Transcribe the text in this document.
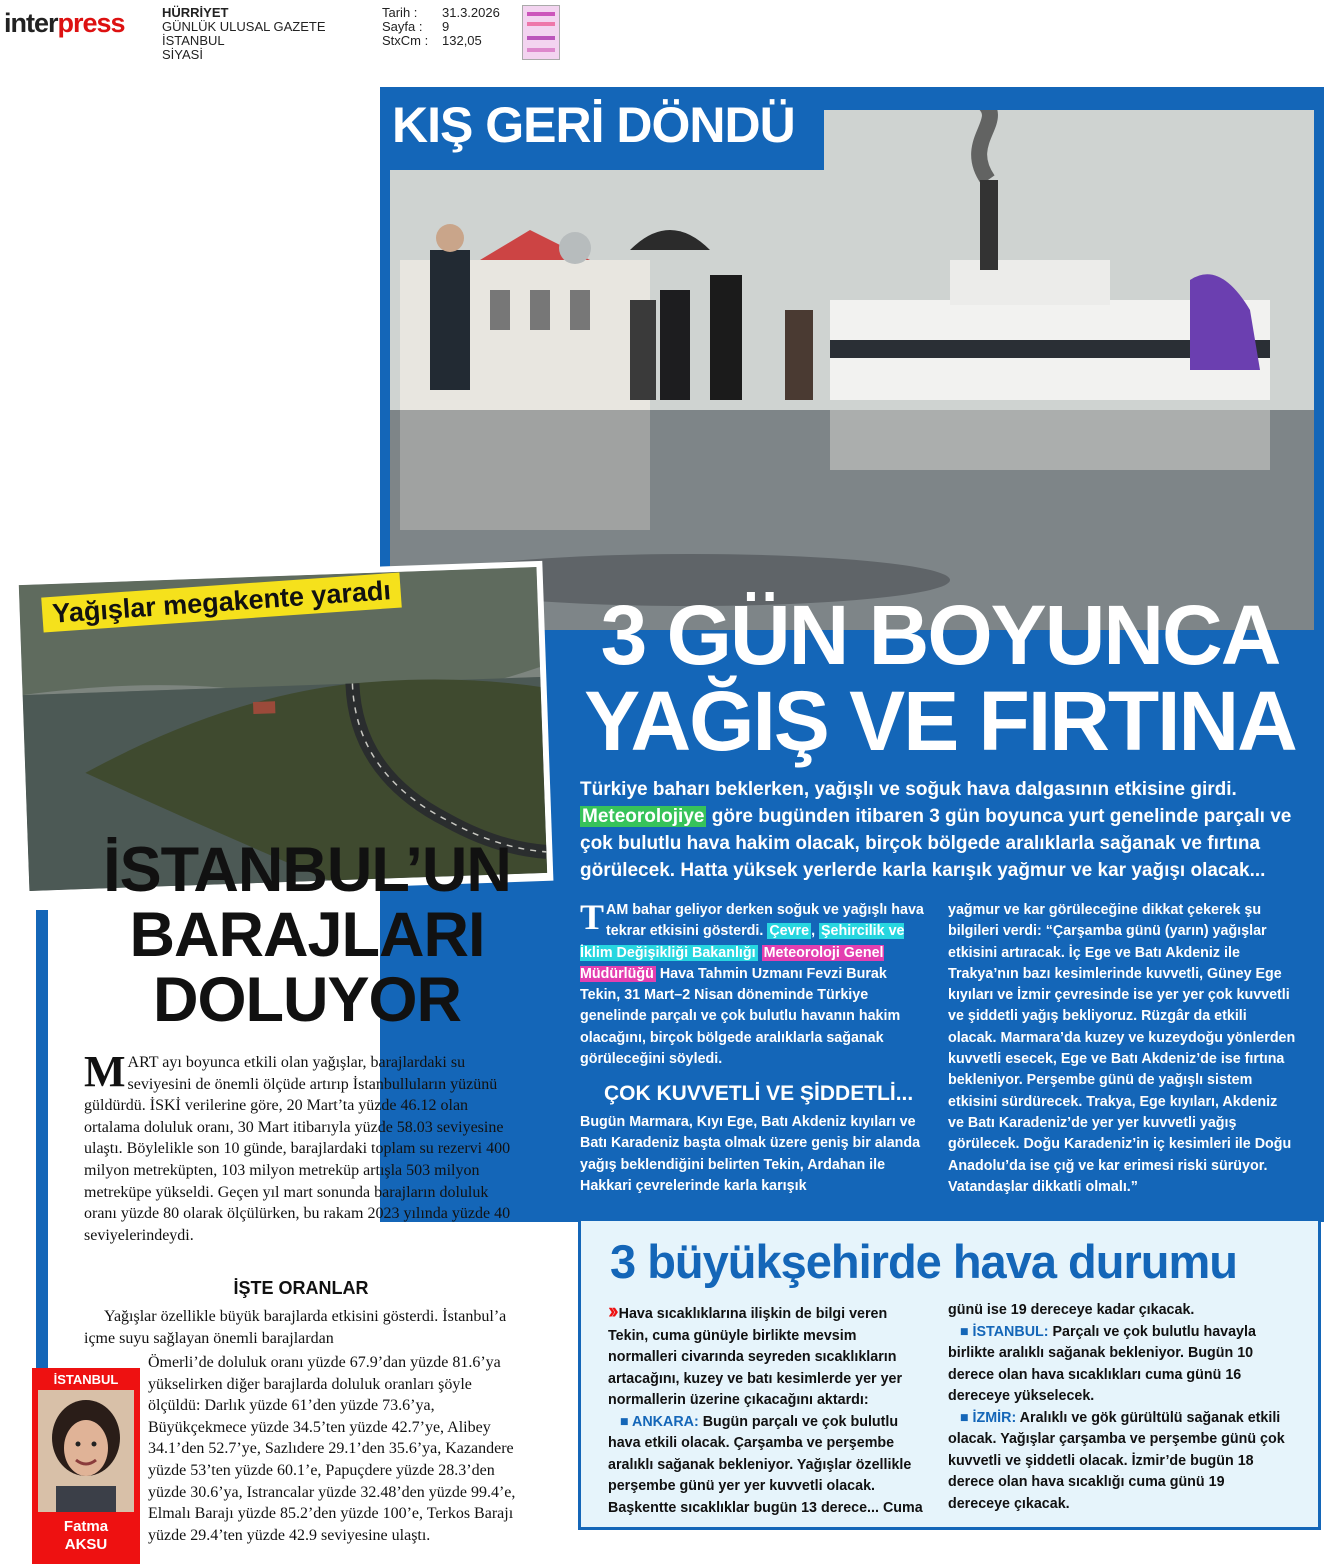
interpress	HÜRRİYET
GÜNLÜK ULUSAL GAZETE
İSTANBUL
SİYASİ
Tarih :
Sayfa :
StxCm :
31.3.2026
9
132,05
KIŞ GERİ DÖNDÜ
3 GÜN BOYUNCA
YAĞIŞ VE FIRTINA
Türkiye baharı beklerken, yağışlı ve soğuk hava dalgasının etkisine girdi. Meteorolojiye göre bugünden itibaren 3 gün boyunca yurt genelinde parçalı ve çok bulutlu hava hakim olacak, birçok bölgede aralıklarla sağanak ve fırtına görülecek. Hatta yüksek yerlerde karla karışık yağmur ve kar yağışı olacak...
TAM bahar geliyor derken soğuk ve yağışlı hava tekrar etkisini gösterdi. Çevre , Şehircilik ve İklim Değişikliği Bakanlığı Meteoroloji Genel Müdürlüğü Hava Tahmin Uzmanı Fevzi Burak Tekin, 31 Mart–2 Nisan döneminde Türkiye genelinde parçalı ve çok bulutlu havanın hakim olacağını, birçok bölgede aralıklarla sağanak görüleceğini söyledi.
ÇOK KUVVETLİ VE ŞİDDETLİ...
Bugün Marmara, Kıyı Ege, Batı Akdeniz kıyıları ve Batı Karadeniz başta olmak üzere geniş bir alanda yağış beklendiğini belirten Tekin, Ardahan ile Hakkari çevrelerinde karla karışık
yağmur ve kar görüleceğine dikkat çekerek şu bilgileri verdi: “Çarşamba günü (yarın) yağışlar etkisini artıracak. İç Ege ve Batı Akdeniz ile Trakya’nın bazı kesimlerinde kuvvetli, Güney Ege kıyıları ve İzmir çevresinde ise yer yer çok kuvvetli ve şiddetli yağış bekliyoruz. Rüzgâr da etkili olacak. Marmara’da kuzey ve kuzeydoğu yönlerden kuvvetli esecek, Ege ve Batı Akdeniz’de ise fırtına bekleniyor. Perşembe günü de yağışlı sistem etkisini sürdürecek. Trakya, Ege kıyıları, Akdeniz ve Batı Karadeniz’de yer yer kuvvetli yağış görülecek. Doğu Karadeniz’in iç kesimleri ile Doğu Anadolu’da ise çığ ve kar erimesi riski sürüyor. Vatandaşlar dikkatli olmalı.”
3 büyükşehirde hava durumu
›› Hava sıcaklıklarına ilişkin de bilgi veren Tekin, cuma günüyle birlikte mevsim normalleri civarında seyreden sıcaklıkların artacağını, kuzey ve batı kesimlerde yer yer normallerin üzerine çıkacağını aktardı:
■ ANKARA: Bugün parçalı ve çok bulutlu hava etkili olacak. Çarşamba ve perşembe aralıklı sağanak bekleniyor. Yağışlar özellikle perşembe günü yer yer kuvvetli olacak. Başkentte sıcaklıklar bugün 13 derece... Cuma
günü ise 19 dereceye kadar çıkacak.
■ İSTANBUL: Parçalı ve çok bulutlu havayla birlikte aralıklı sağanak bekleniyor. Bugün 10 derece olan hava sıcaklıkları cuma günü 16 dereceye yükselecek.
■ İZMİR: Aralıklı ve gök gürültülü sağanak etkili olacak. Yağışlar çarşamba ve perşembe günü çok kuvvetli ve şiddetli olacak. İzmir’de bugün 18 derece olan hava sıcaklığı cuma günü 19 dereceye çıkacak.
Yağışlar megakente yaradı
İSTANBUL’UN
BARAJLARI
DOLUYOR
MART ayı boyunca etkili olan yağışlar, barajlardaki su seviyesini de önemli ölçüde artırıp İstanbulluların yüzünü güldürdü. İSKİ verilerine göre, 20 Mart’ta yüzde 46.12 olan ortalama doluluk oranı, 30 Mart itibarıyla yüzde 58.03 seviyesine ulaştı. Böylelikle son 10 günde, barajlardaki toplam su rezervi 400 milyon metreküpten, 103 milyon metreküp artışla 503 milyon metreküpe yükseldi. Geçen yıl mart sonunda barajların doluluk oranı yüzde 80 olarak ölçülürken, bu rakam 2023 yılında yüzde 40 seviyelerindeydi.
İŞTE ORANLAR
Yağışlar özellikle büyük barajlarda etkisini gösterdi. İstanbul’a içme suyu sağlayan önemli barajlardan
Ömerli’de doluluk oranı yüzde 67.9’dan yüzde 81.6’ya yükselirken diğer barajlarda doluluk oranları şöyle ölçüldü: Darlık yüzde 61’den yüzde 73.6’ya, Büyükçekmece yüzde 34.5’ten yüzde 42.7’ye, Alibey 34.1’den 52.7’ye, Sazlıdere 29.1’den 35.6’ya, Kazandere yüzde 53’ten yüzde 60.1’e, Papuçdere yüzde 28.3’den yüzde 30.6’ya, Istrancalar yüzde 32.48’den yüzde 99.4’e, Elmalı Barajı yüzde 85.2’den yüzde 100’e, Terkos Barajı yüzde 29.4’ten yüzde 42.9 seviyesine ulaştı.
İSTANBUL
Fatma
AKSU
